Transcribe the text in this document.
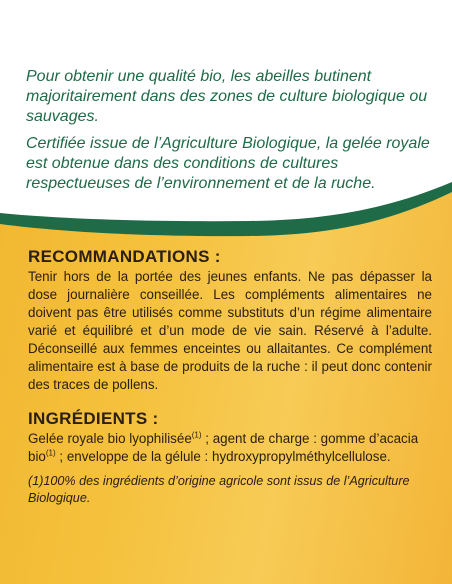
Pour obtenir une qualité bio, les abeilles butinent majoritairement dans des zones de culture biologique ou sauvages.

Certifiée issue de l’Agriculture Biologique, la gelée royale est obtenue dans des conditions de cultures respectueuses de l’environnement et de la ruche.

RECOMMANDATIONS :

Tenir hors de la portée des jeunes enfants. Ne pas dépasser la dose journalière conseillée. Les compléments alimentaires ne doivent pas être utilisés comme substituts d’un régime alimentaire varié et équilibré et d’un mode de vie sain. Réservé à l’adulte. Déconseillé aux femmes enceintes ou allaitantes. Ce complément alimentaire est à base de produits de la ruche : il peut donc contenir des traces de pollens.

INGRÉDIENTS :

Gelée royale bio lyophilisée$^{(1)}$ ; agent de charge : gomme d’acacia bio$^{(1)}$ ; enveloppe de la gélule : hydroxypropylméthylcellulose.

(1)100% des ingrédients d’origine agricole sont issus de l’Agriculture Biologique.
